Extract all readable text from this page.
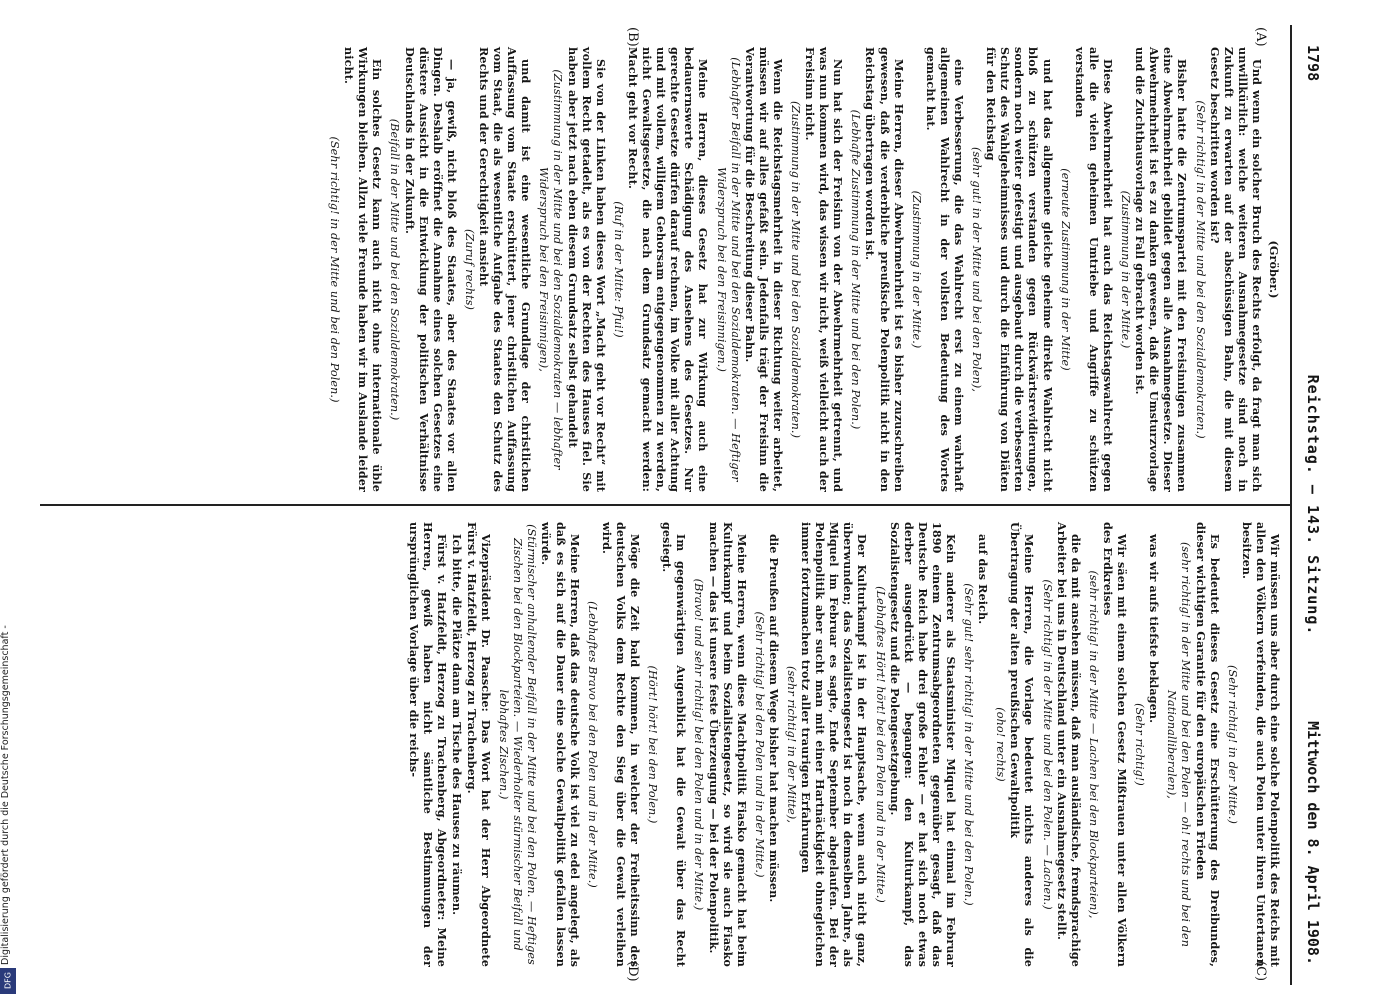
1798
Reichstag. — 143. Sitzung.
Mittwoch den 8. April 1908.
(A)
(B)
(C)
(D)

(Gröber.)

Und wenn ein solcher Bruch des Rechts erfolgt, da fragt man sich unwillkürlich: welche weiteren Ausnahmegesetze sind noch in Zukunft zu erwarten auf der abschüssigen Bahn, die mit diesem Gesetz beschritten worden ist?

(Sehr richtig! in der Mitte und bei den Sozialdemokraten.)

Bisher hatte die Zentrumspartei mit den Freisinnigen zusammen eine Abwehrmehrheit gebildet gegen alle Ausnahmegesetze. Dieser Abwehrmehrheit ist es zu danken gewesen, daß die Umsturzvorlage und die Zuchthausvorlage zu Fall gebracht worden ist.

(Zustimmung in der Mitte.)

Diese Abwehrmehrheit hat auch das Reichstagswahlrecht gegen alle die vielen geheimen Umtriebe und Angriffe zu schützen verstanden

(erneute Zustimmung in der Mitte)

und hat das allgemeine gleiche geheime direkte Wahlrecht nicht bloß zu schützen verstanden gegen Rückwärtsrevidierungen, sondern noch weiter gefestigt und ausgebaut durch die verbesserten Schutz des Wahlgeheimnisses und durch die Einführung von Diäten für den Reichstag

(sehr gut! in der Mitte und bei den Polen),

eine Verbesserung, die das Wahlrecht erst zu einem wahrhaft allgemeinen Wahlrecht in der vollsten Bedeutung des Wortes gemacht hat.

(Zustimmung in der Mitte.)

Meine Herren, dieser Abwehrmehrheit ist es bisher zuzuschreiben gewesen, daß die verderbliche preußische Polenpolitik nicht in den Reichstag übertragen worden ist.

(Lebhafte Zustimmung in der Mitte und bei den Polen.)

Nun hat sich der Freisinn von der Abwehrmehrheit getrennt, und was nun kommen wird, das wissen wir nicht, weiß vielleicht auch der Freisinn nicht.

(Zustimmung in der Mitte und bei den Sozialdemokraten.)

Wenn die Reichstagsmehrheit in dieser Richtung weiter arbeitet, müssen wir auf alles gefaßt sein. Jedenfalls trägt der Freisinn die Verantwortung für die Beschreitung dieser Bahn.

(Lebhafter Beifall in der Mitte und bei den Sozialdemokraten. — Heftiger Widerspruch bei den Freisinnigen.)

Meine Herren, dieses Gesetz hat zur Wirkung auch eine bedauernswerte Schädigung des Ansehens des Gesetzes. Nur gerechte Gesetze dürfen darauf rechnen, im Volke mit aller Achtung und mit vollem, willigem Gehorsam entgegengenommen zu werden, nicht Gewaltsgesetze, die nach dem Grundsatz gemacht werden: Macht geht vor Recht.

(Ruf in der Mitte: Pfui!)

Sie von der Linken haben dieses Wort „Macht geht vor Recht“ mit vollem Recht getadelt, als es von der Rechten des Hauses fiel. Sie haben aber jetzt nach eben diesem Grundsatz selbst gehandelt

(Zustimmung in der Mitte und bei den Sozialdemokraten — lebhafter Widerspruch bei den Freisinnigen),

und damit ist eine wesentliche Grundlage der christlichen Auffassung vom Staate erschüttert, jener christlichen Auffassung vom Staat, die als wesentliche Aufgabe des Staates den Schutz des Rechts und der Gerechtigkeit ansieht

(Zuruf rechts)

— ja, gewiß, nicht bloß des Staates, aber des Staates vor allen Dingen. Deshalb eröffnet die Annahme eines solchen Gesetzes eine düstere Aussicht in die Entwicklung der politischen Verhältnisse Deutschlands in der Zukunft.

(Beifall in der Mitte und bei den Sozialdemokraten.)

Ein solches Gesetz kann auch nicht ohne internationale üble Wirkungen bleiben. Allzu viele Freunde haben wir im Auslande leider nicht.

(Sehr richtig! in der Mitte und bei den Polen.)

Wir müssen uns aber durch eine solche Polenpolitik des Reichs mit allen den Völkern verfeinden, die auch Polen unter ihren Untertanen besitzen.

(Sehr richtig! in der Mitte.)

Es bedeutet dieses Gesetz eine Erschütterung des Dreibundes, dieser wichtigen Garantie für den europäischen Frieden

(sehr richtig! in der Mitte und bei den Polen — oh! rechts und bei den Nationalliberalen),

was wir aufs tiefste beklagen.

(Sehr richtig!)

Wir säen mit einem solchen Gesetz Mißtrauen unter allen Völkern des Erdkreises

(sehr richtig! in der Mitte — Lachen bei den Blockparteien),

die da mit ansehen müssen, daß man ausländische, fremdsprachige Arbeiter bei uns in Deutschland unter ein Ausnahmegesetz stellt.

(Sehr richtig! in der Mitte und bei den Polen. — Lachen.)

Meine Herren, die Vorlage bedeutet nichts anderes als die Übertragung der alten preußischen Gewaltpolitik

(oho! rechts)

auf das Reich.

(Sehr gut! sehr richtig! in der Mitte und bei den Polen.)

Kein anderer als Staatsminister Miquel hat einmal im Februar 1890 einem Zentrumsabgeordneten gegenüber gesagt, daß das Deutsche Reich habe drei große Fehler — er hat sich noch etwas derber ausgedrückt — begangen: den Kulturkampf, das Sozialistengesetz und die Polengesetzgebung.

(Lebhaftes Hört! hört! bei den Polen und in der Mitte.)

Der Kulturkampf ist in der Hauptsache, wenn auch nicht ganz, überwunden; das Sozialistengesetz ist noch in demselben Jahre, als Miquel im Februar es sagte, Ende September abgelaufen. Bei der Polenpolitik aber sucht man mit einer Hartnäckigkeit ohnegleichen immer fortzumachen trotz aller traurigen Erfahrungen

(sehr richtig! in der Mitte),

die Preußen auf diesem Wege bisher hat machen müssen.

(Sehr richtig! bei den Polen und in der Mitte.)

Meine Herren, wenn diese Machtpolitik Fiasko gemacht hat beim Kulturkampf und beim Sozialistengesetz, so wird sie auch Fiasko machen — das ist unsere feste Überzeugung — bei der Polenpolitik.

(Bravo! und sehr richtig! bei den Polen und in der Mitte.)

Im gegenwärtigen Augenblick hat die Gewalt über das Recht gesiegt.

(Hört! hört! bei den Polen.)

Möge die Zeit bald kommen, in welcher der Freiheitssinn des deutschen Volks dem Rechte den Sieg über die Gewalt verleihen wird.

(Lebhaftes Bravo bei den Polen und in der Mitte.)

Meine Herren, daß das deutsche Volk ist viel zu edel angelegt, als daß es sich auf die Dauer eine solche Gewaltpolitik gefallen lassen würde.

(Stürmischer anhaltender Beifall in der Mitte und bei den Polen. — Heftiges Zischen bei den Blockparteien. — Wiederholter stürmischer Beifall und lebhaftes Zischen.)

Vizepräsident Dr. Paasche: Das Wort hat der Herr Abgeordnete Fürst v. Hatzfeldt, Herzog zu Trachenberg.

Ich bitte, die Plätze dann am Tische des Hauses zu räumen.

Fürst v. Hatzfeldt, Herzog zu Trachenberg, Abgeordneter: Meine Herren, gewiß haben nicht sämtliche Bestimmungen der ursprünglichen Vorlage über die reichs-

Digitalisierung gefördert durch die Deutsche Forschungsgemeinschaft -
DFG
